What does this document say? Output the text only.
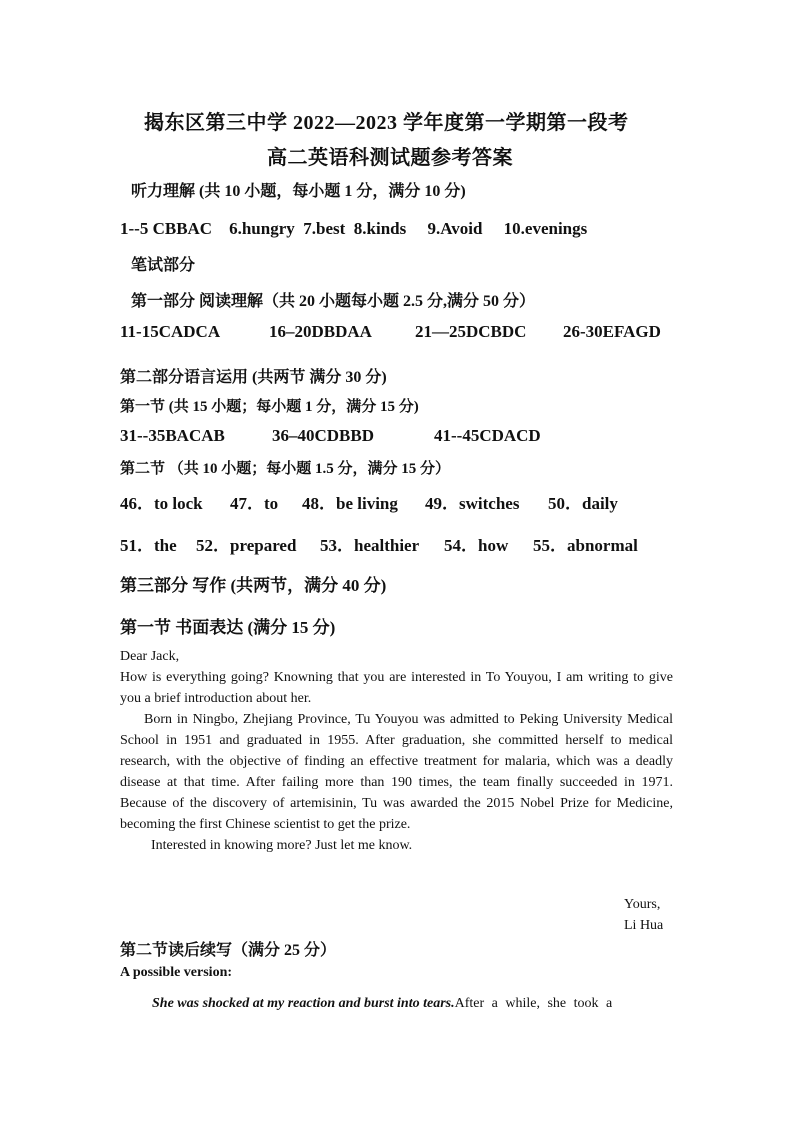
揭东区第三中学 2022—2023 学年度第一学期第一段考
高二英语科测试题参考答案
听力理解 (共 10 小题，每小题 1 分，满分 10 分)
1--5 CBBAC    6.hungry  7.best  8.kinds     9.Avoid     10.evenings
笔试部分
第一部分 阅读理解（共 20 小题每小题 2.5 分,满分 50 分）
11-15CADCA	16–20DBDAA	21—25DCBDC 26-30EFAGD
第二部分语言运用 (共两节 满分 30 分)
第一节 (共 15 小题；每小题 1 分，满分 15 分)
31--35BACAB	36–40CDBBD	41--45CDACD
第二节 （共 10 小题；每小题 1.5 分，满分 15 分）
46．to lock 47．to 48．be living 49．switches 50．daily
51．the 52．prepared 53．healthier 54．how 55．abnormal
第三部分 写作 (共两节，满分 40 分)
第一节 书面表达 (满分 15 分)

Dear Jack,

How is everything going? Knowning that you are interested in To Youyou, I am writing to give you a brief introduction about her.

Born in Ningbo, Zhejiang Province, Tu Youyou was admitted to Peking University Medical School in 1951 and graduated in 1955. After graduation, she committed herself to medical research, with the objective of finding an effective treatment for malaria, which was a deadly disease at that time. After failing more than 190 times, the team finally succeeded in 1971. Because of the discovery of artemisinin, Tu was awarded the 2015 Nobel Prize for Medicine, becoming the first Chinese scientist to get the prize.

Interested in knowing more? Just let me know.

Yours,
Li Hua
第二节读后续写（满分 25 分）
A possible version:
She was shocked at my reaction and burst into tears.After a while, she took a
